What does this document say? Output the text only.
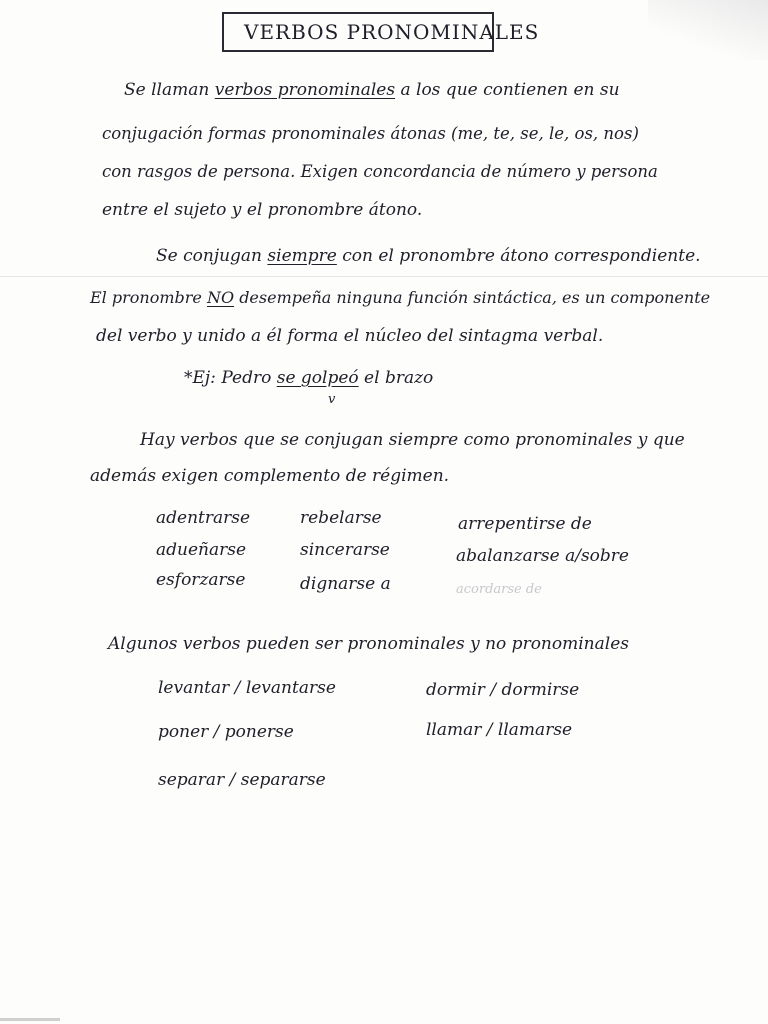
VERBOS PRONOMINALES
Se llaman verbos pronominales a los que contienen en su
conjugación formas pronominales átonas (me, te, se, le, os, nos)
con rasgos de persona. Exigen concordancia de número y persona
entre el sujeto y el pronombre átono.
Se conjugan siempre con el pronombre átono correspondiente.
El pronombre NO desempeña ninguna función sintáctica, es un componente
del verbo y unido a él forma el núcleo del sintagma verbal.
*Ej: Pedro se golpeó el brazo
v
Hay verbos que se conjugan siempre como pronominales y que
además exigen complemento de régimen.
adentrarse
adueñarse
esforzarse
rebelarse
sincerarse
dignarse a
arrepentirse de
abalanzarse a/sobre
acordarse de
Algunos verbos pueden ser pronominales y no pronominales
levantar / levantarse
poner / ponerse
separar / separarse
dormir / dormirse
llamar / llamarse
